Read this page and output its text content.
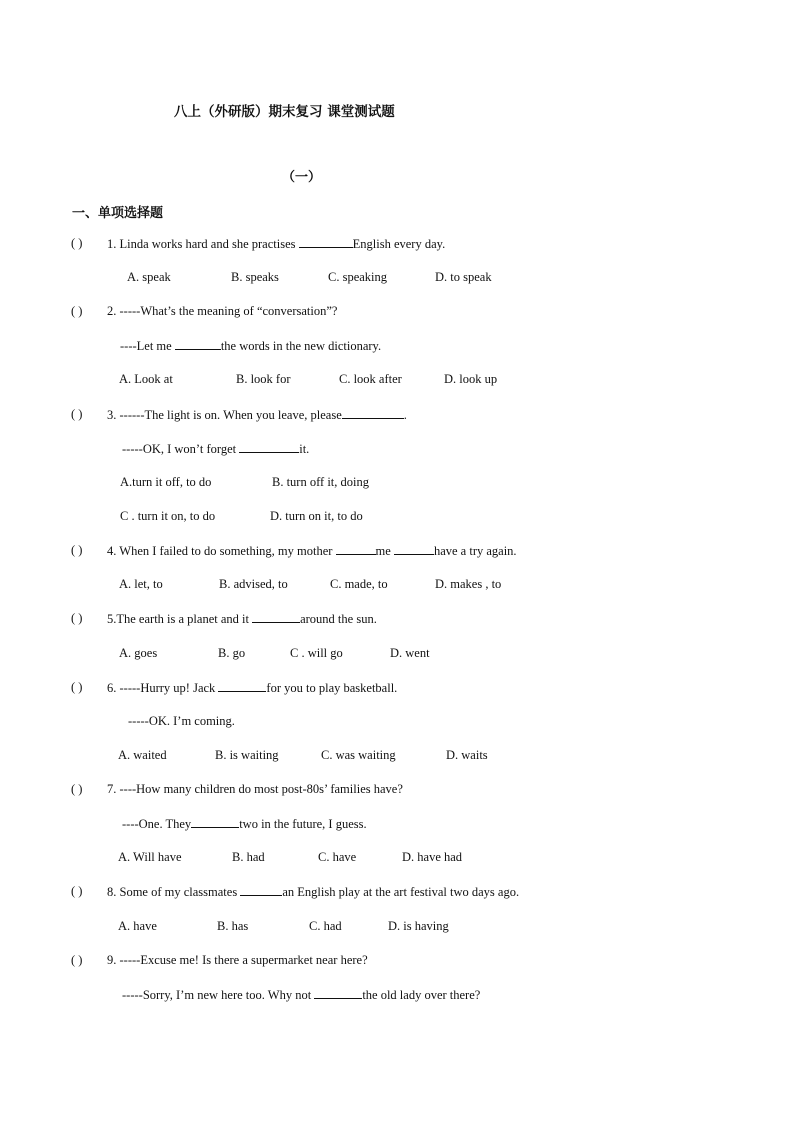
八上（外研版）期末复习 课堂测试题
（一）
一、单项选择题
( ) 1. Linda works hard and she practises	English every day.
A. speak	B. speaks	C. speaking	D. to speak
( ) 2. -----What’s the meaning of “conversation”?
----Let me	the words in the new dictionary.
A. Look at	B. look for	C. look after	D. look up
( ) 3. ------The light is on. When you leave, please	.
-----OK, I won’t forget	it.
A.turn it off, to do	B. turn off it, doing
C . turn it on, to do	D. turn on it, to do
( ) 4. When I failed to do something, my mother	me	have a try again.
A. let, to	B. advised, to	C. made, to	D. makes , to
( ) 5.The earth is a planet and it	around the sun.
A. goes	B. go	C . will go	D. went
( ) 6. -----Hurry up! Jack	for you to play basketball.
-----OK. I’m coming.
A. waited	B. is waiting	C. was waiting	D. waits
( ) 7. ----How many children do most post-80s’ families have?
----One. They	two in the future, I guess.
A. Will have	B. had	C. have	D. have had
( ) 8. Some of my classmates	an English play at the art festival two days ago.
A. have	B. has	C. had	D. is having
( ) 9. -----Excuse me! Is there a supermarket near here?
-----Sorry, I’m new here too. Why not	the old lady over there?
